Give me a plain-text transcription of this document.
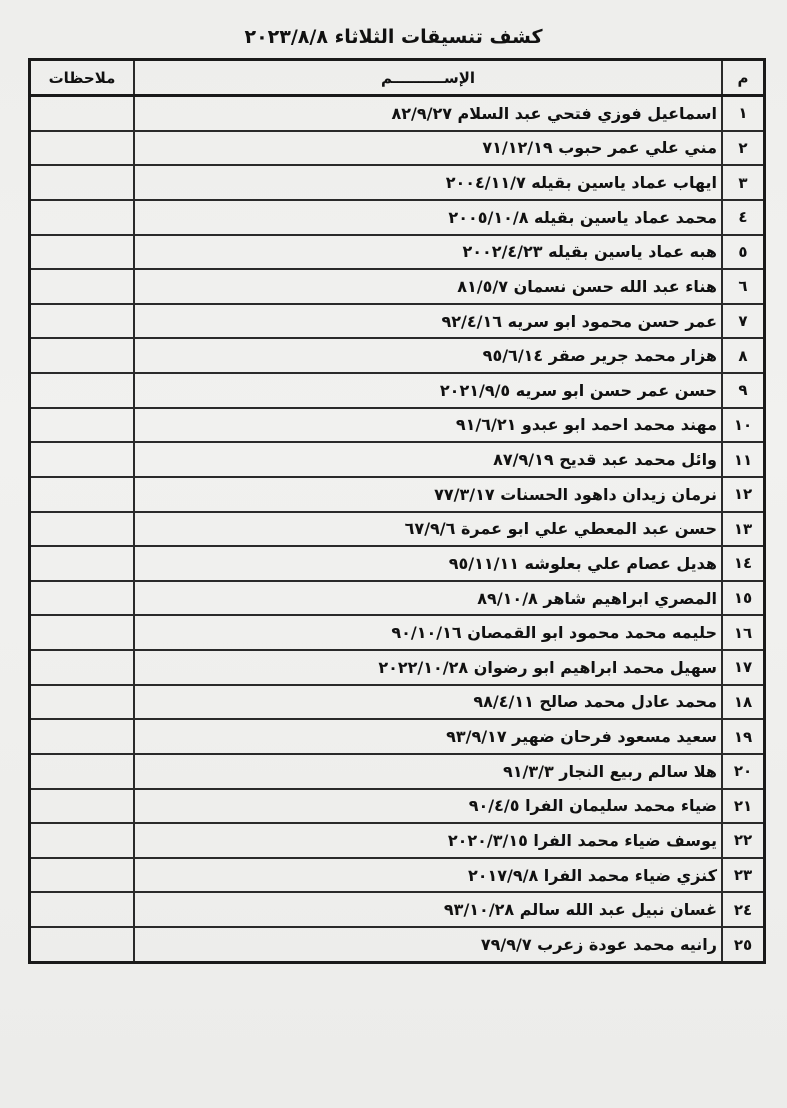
كشف تنسيقات الثلاثاء ٢٠٢٣/٨/٨
م	الإســــــــــم	ملاحظات
١	اسماعيل فوزي فتحي عبد السلام ٨٢/٩/٢٧	
٢	مني علي عمر حبوب ٧١/١٢/١٩	
٣	ايهاب عماد ياسين بقيله ٢٠٠٤/١١/٧	
٤	محمد عماد ياسين بقيله ٢٠٠٥/١٠/٨	
٥	هبه عماد ياسين بقيله ٢٠٠٢/٤/٢٣	
٦	هناء عبد الله حسن نسمان ٨١/٥/٧	
٧	عمر حسن محمود ابو سريه ٩٢/٤/١٦	
٨	هزار محمد جرير صقر ٩٥/٦/١٤	
٩	حسن عمر حسن ابو سريه ٢٠٢١/٩/٥	
١٠	مهند محمد احمد ابو عبدو ٩١/٦/٢١	
١١	وائل محمد عبد قديح ٨٧/٩/١٩	
١٢	نرمان زيدان داهود الحسنات ٧٧/٣/١٧	
١٣	حسن عبد المعطي علي ابو عمرة ٦٧/٩/٦	
١٤	هديل عصام علي بعلوشه ٩٥/١١/١١	
١٥	المصري ابراهيم شاهر ٨٩/١٠/٨	
١٦	حليمه محمد محمود ابو القمصان ٩٠/١٠/١٦	
١٧	سهيل محمد ابراهيم ابو رضوان ٢٠٢٢/١٠/٢٨	
١٨	محمد عادل محمد صالح ٩٨/٤/١١	
١٩	سعيد مسعود فرحان ضهير ٩٣/٩/١٧	
٢٠	هلا سالم ربيع النجار ٩١/٣/٣	
٢١	ضياء محمد سليمان الفرا ٩٠/٤/٥	
٢٢	يوسف ضياء محمد الفرا ٢٠٢٠/٣/١٥	
٢٣	كنزي ضياء محمد الفرا ٢٠١٧/٩/٨	
٢٤	غسان نبيل عبد الله سالم ٩٣/١٠/٢٨	
٢٥	رانيه محمد عودة زعرب ٧٩/٩/٧	
